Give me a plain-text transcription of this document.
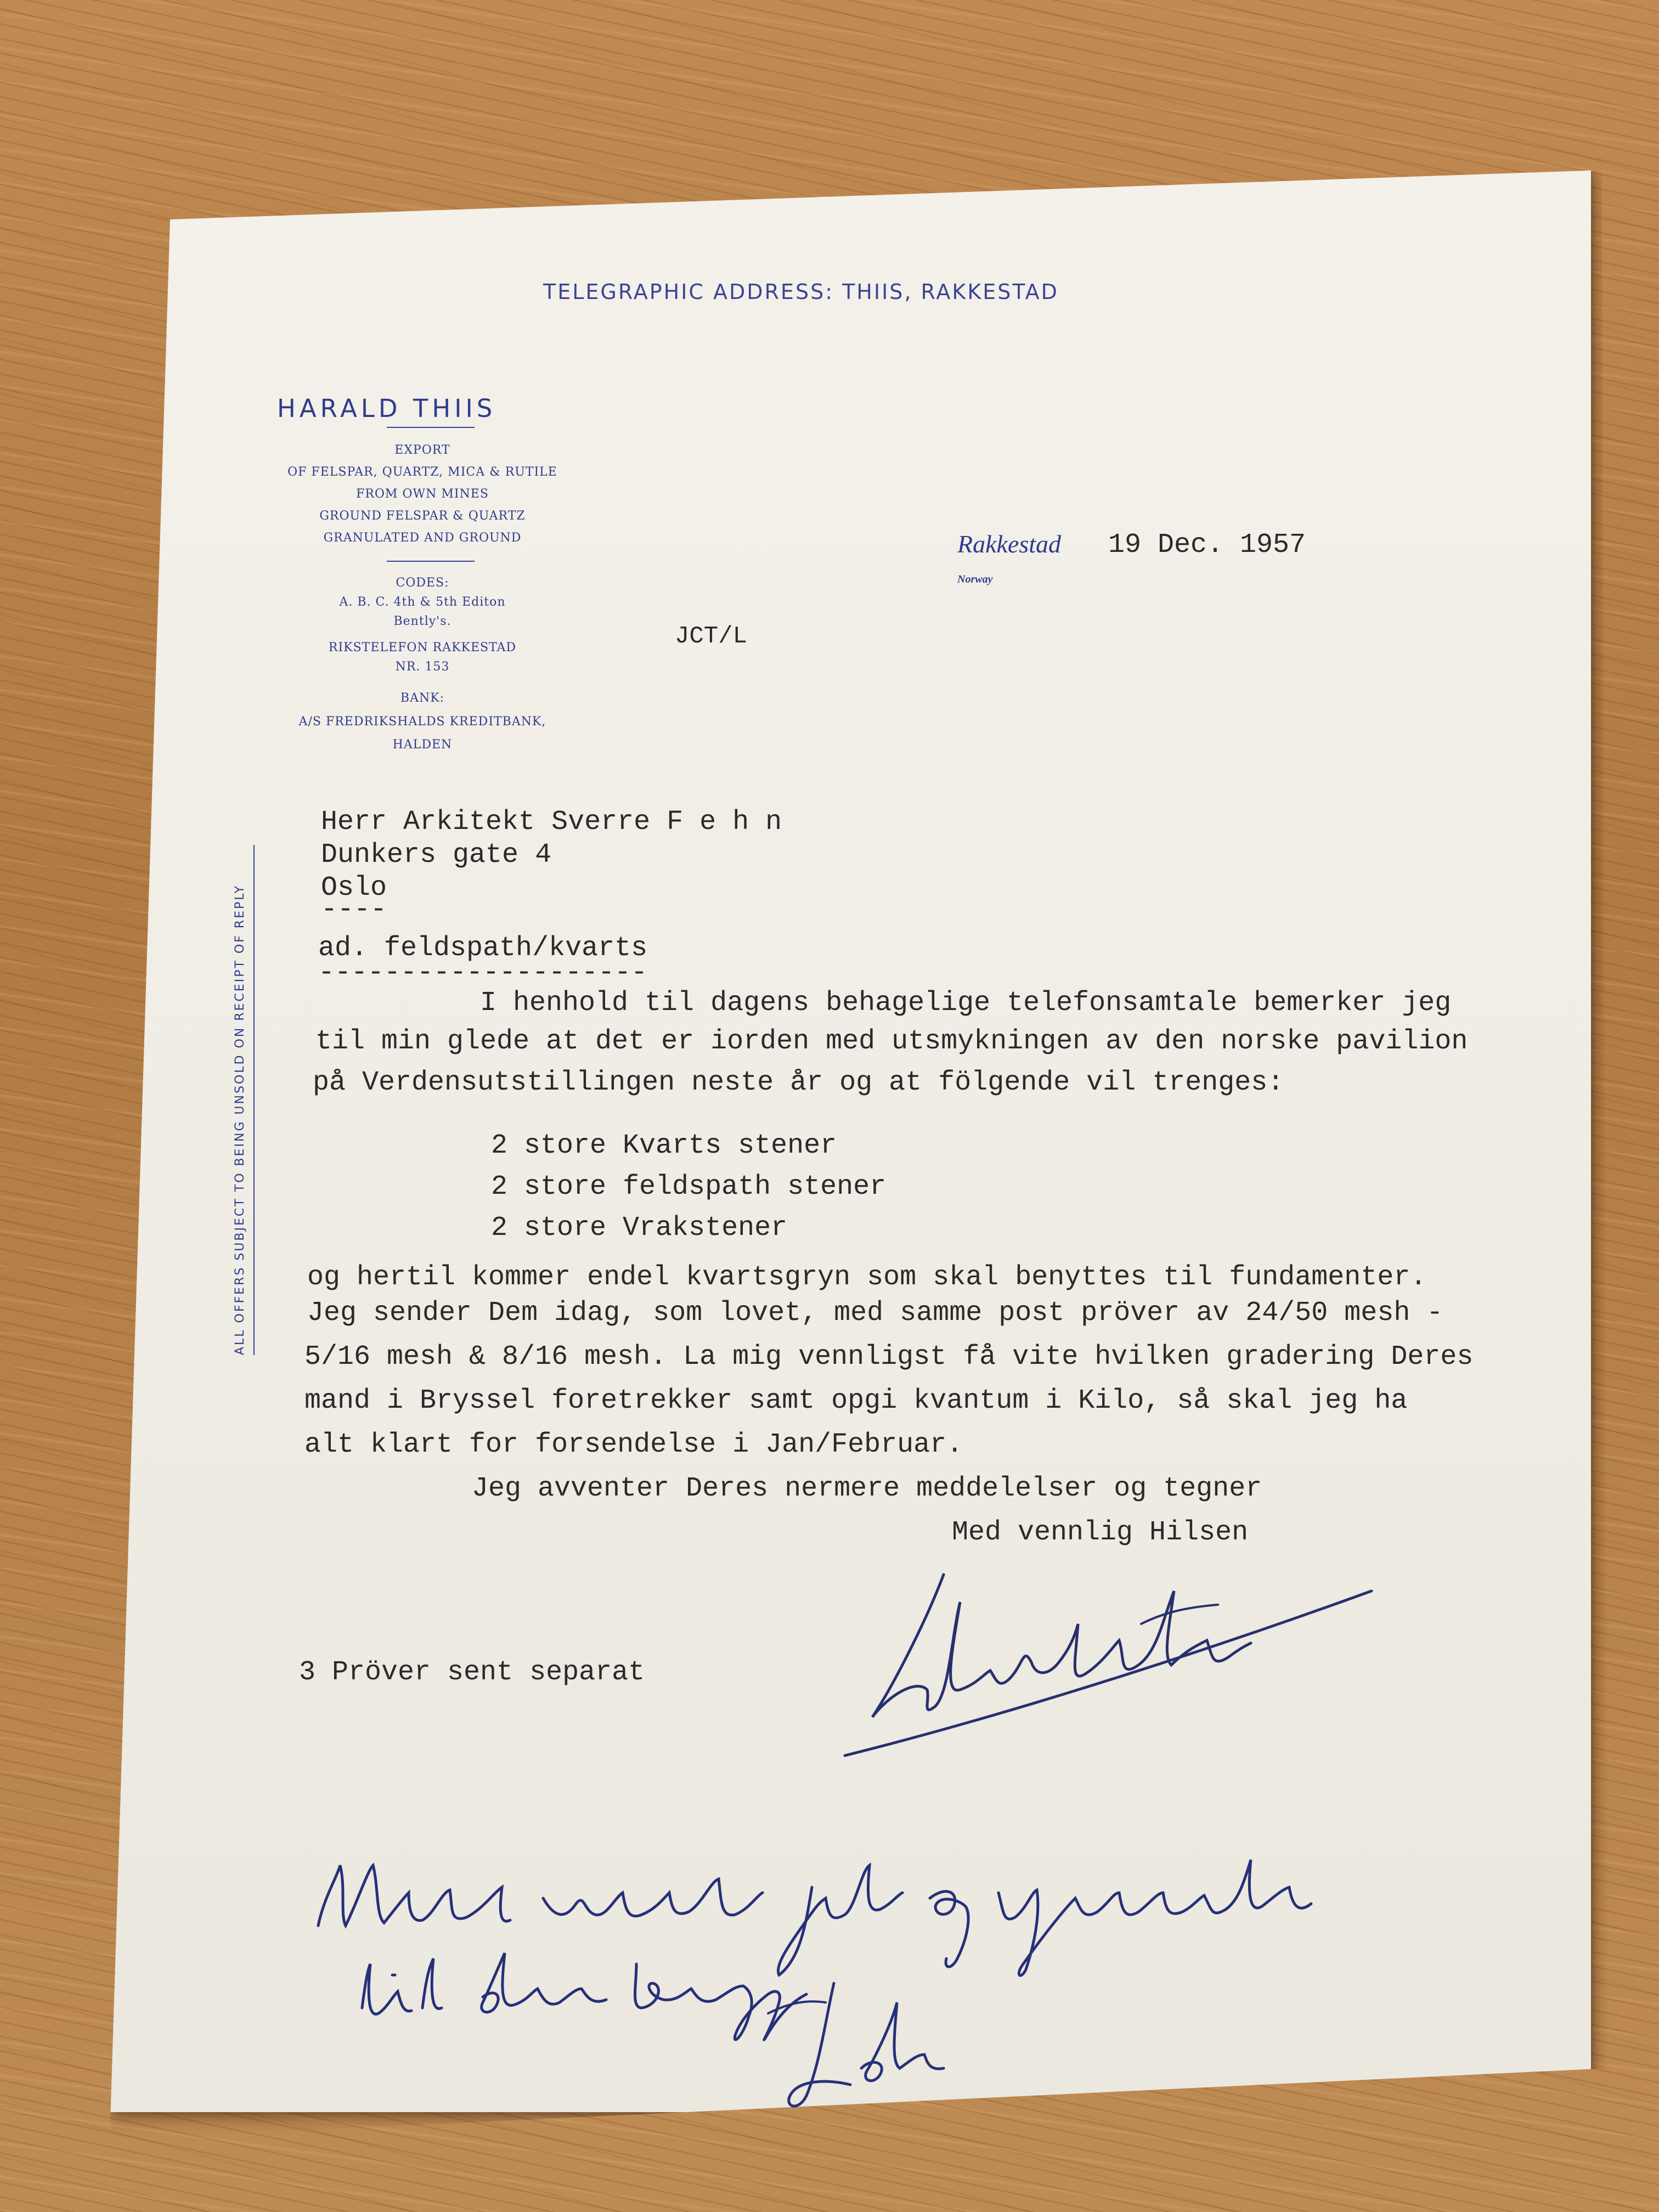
TELEGRAPHIC ADDRESS: THIIS, RAKKESTAD
HARALD THIIS
EXPORT
OF FELSPAR, QUARTZ, MICA & RUTILE
FROM OWN MINES
GROUND FELSPAR & QUARTZ
GRANULATED AND GROUND
CODES:
A. B. C. 4th & 5th Editon
Bently's.
RIKSTELEFON RAKKESTAD
NR. 153
BANK:
A/S FREDRIKSHALDS KREDITBANK,
HALDEN
ALL OFFERS SUBJECT TO BEING UNSOLD ON RECEIPT OF REPLY
Rakkestad
Norway
19 Dec. 1957
JCT/L
Herr Arkitekt Sverre F e h n
Dunkers gate 4
Oslo
----
ad. feldspath/kvarts
--------------------
I henhold til dagens behagelige telefonsamtale bemerker jeg
til min glede at det er iorden med utsmykningen av den norske pavilion
på Verdensutstillingen neste år og at fölgende vil trenges:
2 store Kvarts stener
2 store feldspath stener
2 store Vrakstener
og hertil kommer endel kvartsgryn som skal benyttes til fundamenter.
Jeg sender Dem idag, som lovet, med samme post pröver av 24/50 mesh -
5/16 mesh & 8/16 mesh. La mig vennligst få vite hvilken gradering Deres
mand i Bryssel foretrekker samt opgi kvantum i Kilo, så skal jeg ha
alt klart for forsendelse i Jan/Februar.
Jeg avventer Deres nermere meddelelser og tegner
Med vennlig Hilsen
3 Pröver sent separat
